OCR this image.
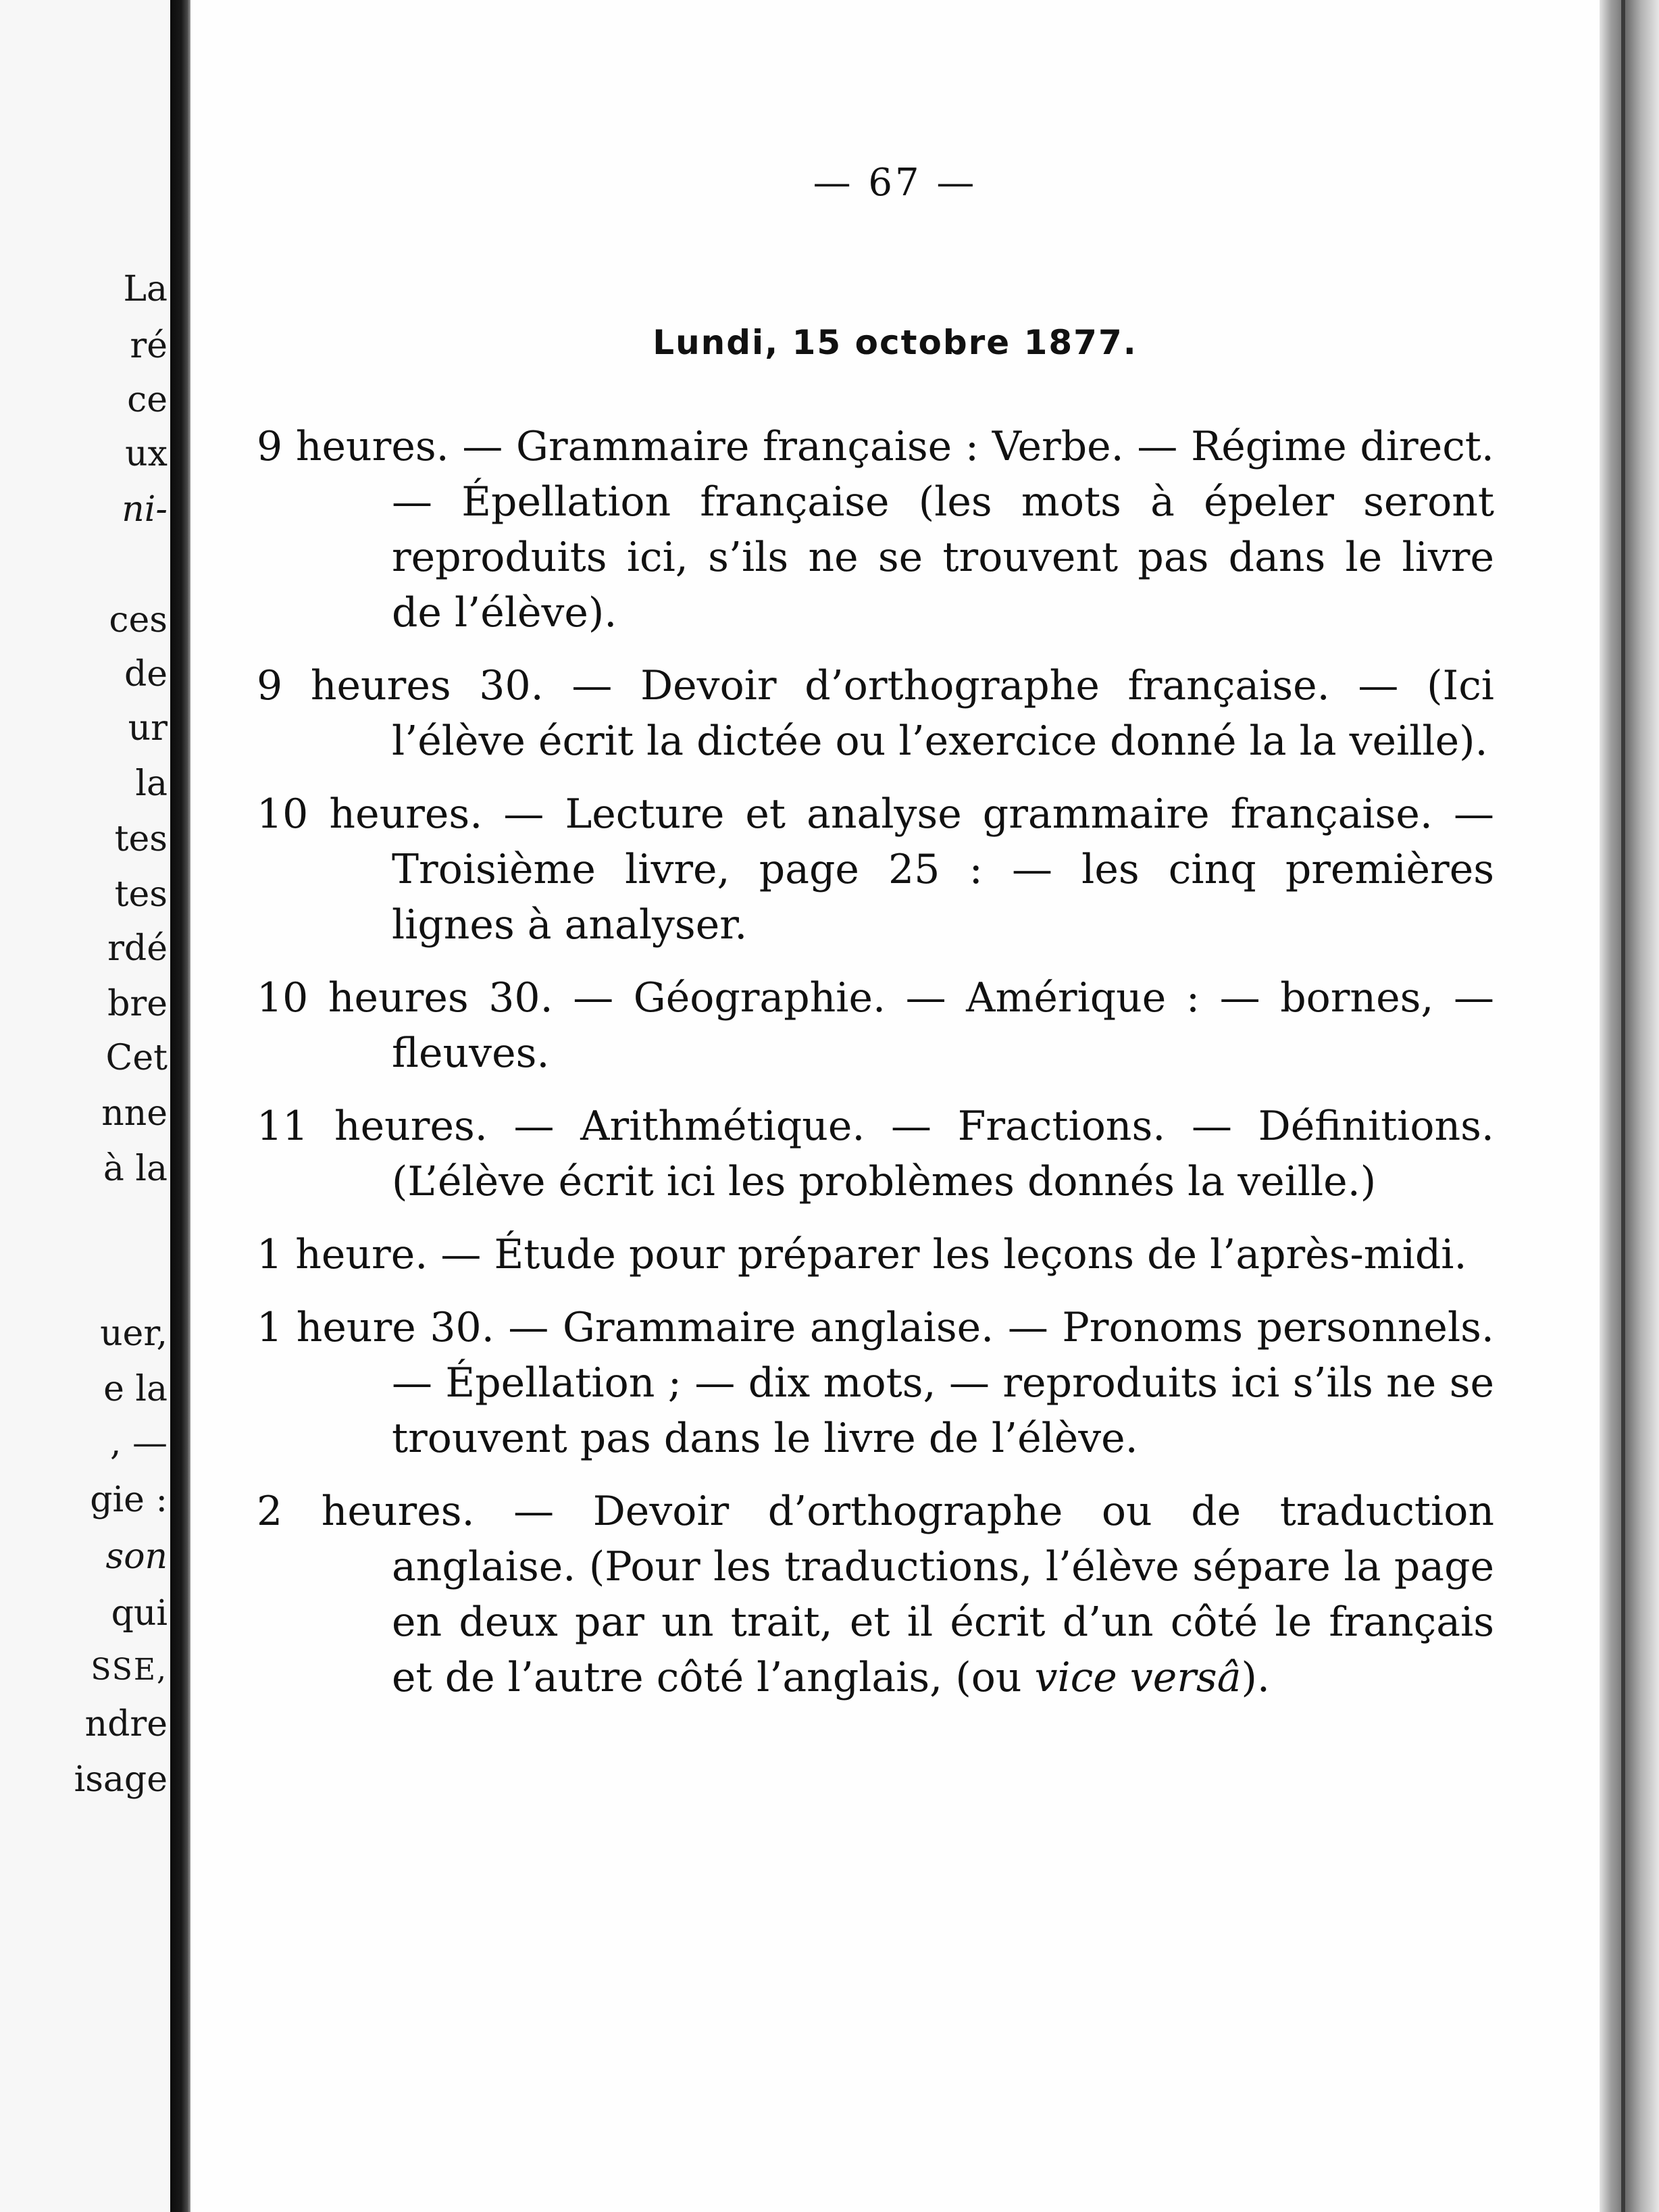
La
ré
ce
ux
ni-
ces
de
ur
la
tes
tes
rdé
bre
Cet
nne
à la
uer,
e la
, —
gie :
son
qui
SSE,
ndre
isage
— 67 —
Lundi, 15 octobre 1877.

9 heures. — Grammaire française : Verbe. — Régime direct. — Épellation française (les mots à épeler seront reproduits ici, s’ils ne se trouvent pas dans le livre de l’élève).

9 heures 30. — Devoir d’orthographe française. — (Ici l’élève écrit la dictée ou l’exercice donné la la veille).

10 heures. — Lecture et analyse grammaire française. — Troisième livre, page 25 : — les cinq premières lignes à analyser.

10 heures 30. — Géographie. — Amérique : — bornes, — fleuves.

11 heures. — Arithmétique. — Fractions. — Définitions. (L’élève écrit ici les problèmes donnés la veille.)

1 heure. — Étude pour préparer les leçons de l’après-midi.

1 heure 30. — Grammaire anglaise. — Pronoms personnels. — Épellation ; — dix mots, — reproduits ici s’ils ne se trouvent pas dans le livre de l’élève.

2 heures. — Devoir d’orthographe ou de traduction anglaise. (Pour les traductions, l’élève sépare la page en deux par un trait, et il écrit d’un côté le français et de l’autre côté l’anglais, (ou vice versâ).
